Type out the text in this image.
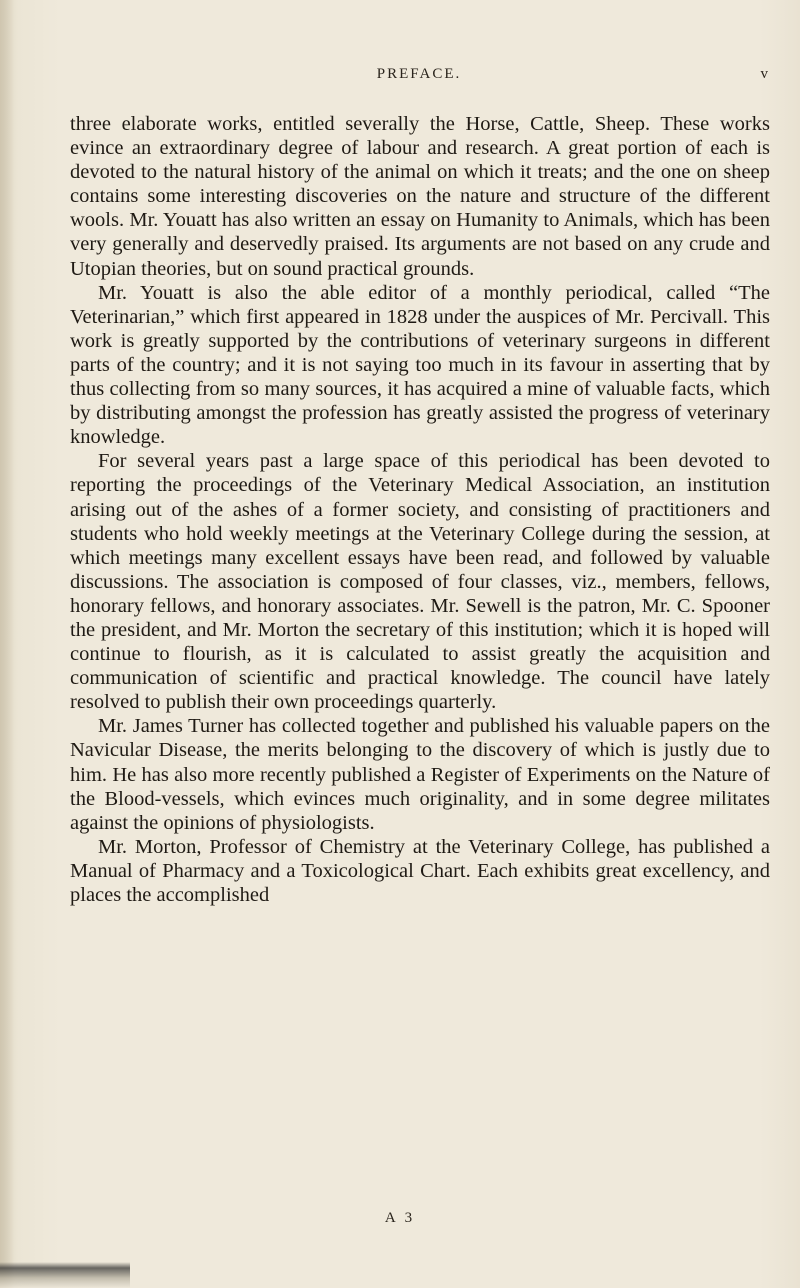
PREFACE.	v

three elaborate works, entitled severally the Horse, Cattle, Sheep. These works evince an extraordinary degree of labour and research. A great portion of each is devoted to the natural history of the animal on which it treats; and the one on sheep contains some interesting discoveries on the nature and structure of the different wools. Mr. Youatt has also written an essay on Humanity to Animals, which has been very generally and deservedly praised. Its arguments are not based on any crude and Utopian theories, but on sound practical grounds.

Mr. Youatt is also the able editor of a monthly periodical, called “The Veterinarian,” which first appeared in 1828 under the auspices of Mr. Percivall. This work is greatly supported by the contributions of veterinary surgeons in different parts of the country; and it is not saying too much in its favour in asserting that by thus collecting from so many sources, it has acquired a mine of valuable facts, which by distributing amongst the profession has greatly assisted the progress of veterinary knowledge.

For several years past a large space of this periodical has been devoted to reporting the proceedings of the Veterinary Medical Association, an institution arising out of the ashes of a former society, and consisting of practitioners and students who hold weekly meetings at the Veterinary College during the session, at which meetings many excellent essays have been read, and followed by valuable discussions. The association is composed of four classes, viz., members, fellows, honorary fellows, and honorary associates. Mr. Sewell is the patron, Mr. C. Spooner the president, and Mr. Morton the secretary of this institution; which it is hoped will continue to flourish, as it is calculated to assist greatly the acquisition and communication of scientific and practical knowledge. The council have lately resolved to publish their own proceedings quarterly.

Mr. James Turner has collected together and published his valuable papers on the Navicular Disease, the merits belonging to the discovery of which is justly due to him. He has also more recently published a Register of Experiments on the Nature of the Blood-vessels, which evinces much originality, and in some degree militates against the opinions of physiologists.

Mr. Morton, Professor of Chemistry at the Veterinary College, has published a Manual of Pharmacy and a Toxicological Chart. Each exhibits great excellency, and places the accomplished

A 3
